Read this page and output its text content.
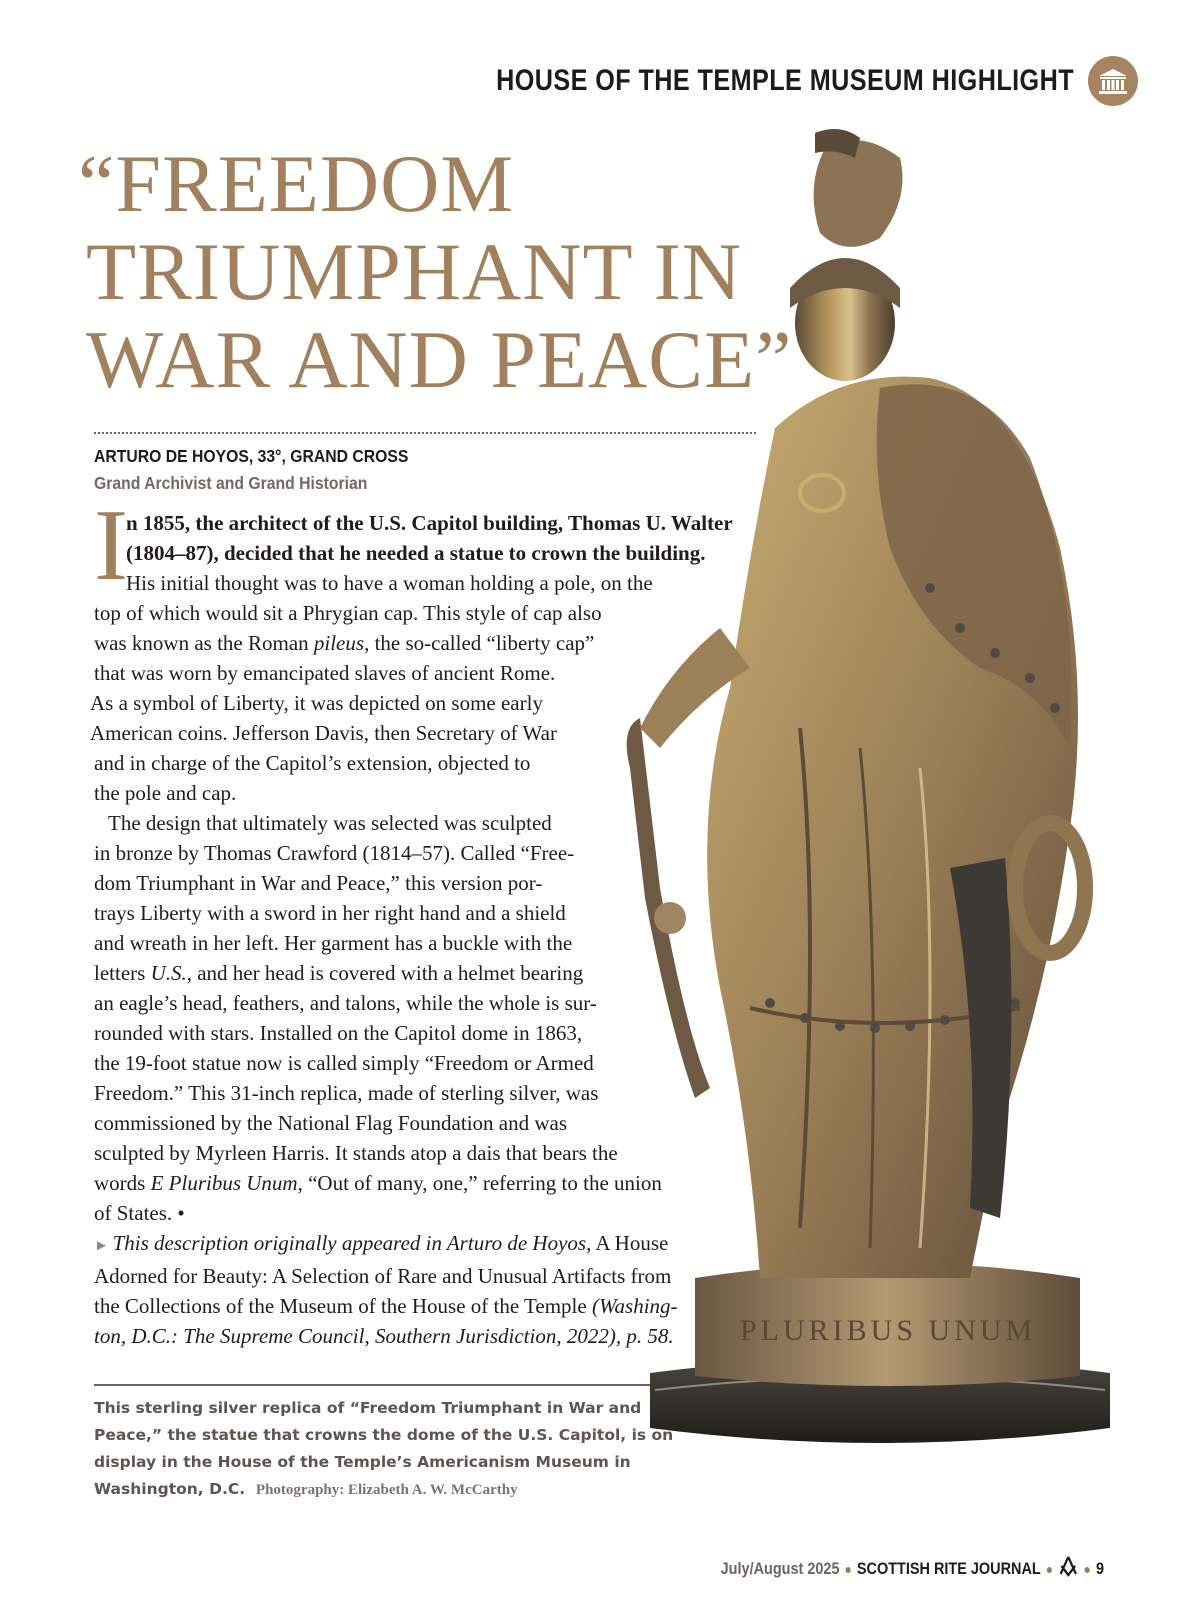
HOUSE OF THE TEMPLE MUSEUM HIGHLIGHT
“FREEDOM
TRIUMPHANT IN
WAR AND PEACE”
PLURIBUS UNUM
ARTURO DE HOYOS, 33°, GRAND CROSS
Grand Archivist and Grand Historian
I
n 1855, the architect of the U.S. Capitol building, Thomas U. Walter
(1804–87), decided that he needed a statue to crown the building.
His initial thought was to have a woman holding a pole, on the
top of which would sit a Phrygian cap. This style of cap also
was known as the Roman pileus, the so-called “liberty cap”
that was worn by emancipated slaves of ancient Rome.
As a symbol of Liberty, it was depicted on some early
American coins. Jefferson Davis, then Secretary of War
and in charge of the Capitol’s extension, objected to
the pole and cap.
The design that ultimately was selected was sculpted
in bronze by Thomas Crawford (1814–57). Called “Free-
dom Triumphant in War and Peace,” this version por-
trays Liberty with a sword in her right hand and a shield
and wreath in her left. Her garment has a buckle with the
letters U.S., and her head is covered with a helmet bearing
an eagle’s head, feathers, and talons, while the whole is sur-
rounded with stars. Installed on the Capitol dome in 1863,
the 19-foot statue now is called simply “Freedom or Armed
Freedom.” This 31-inch replica, made of sterling silver, was
commissioned by the National Flag Foundation and was
sculpted by Myrleen Harris. It stands atop a dais that bears the
words E Pluribus Unum, “Out of many, one,” referring to the union
of States. •
► This description originally appeared in Arturo de Hoyos, A House
Adorned for Beauty: A Selection of Rare and Unusual Artifacts from
the Collections of the Museum of the House of the Temple (Washing-
ton, D.C.: The Supreme Council, Southern Jurisdiction, 2022), p. 58.
This sterling silver replica of “Freedom Triumphant in War and
Peace,” the statue that crowns the dome of the U.S. Capitol, is on
display in the House of the Temple’s Americanism Museum in
Washington, D.C. Photography: Elizabeth A. W. McCarthy
July/August 2025 ● SCOTTISH RITE JOURNAL ● ● 9
